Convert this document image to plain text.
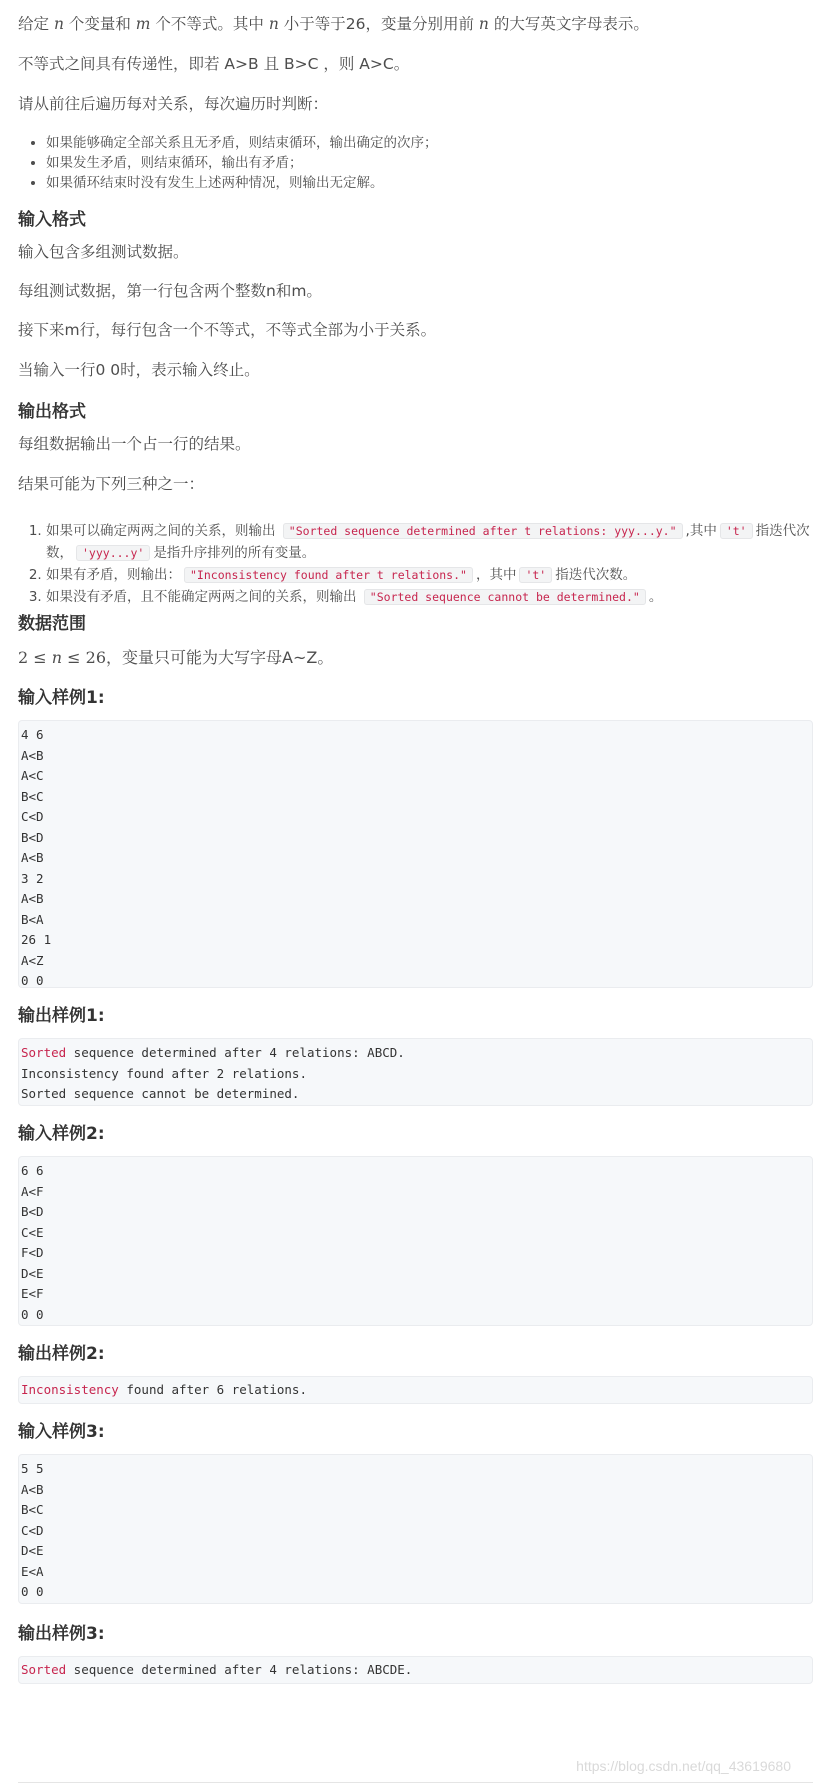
给定 n 个变量和 m 个不等式。其中 n 小于等于26，变量分别用前 n 的大写英文字母表示。

不等式之间具有传递性，即若 A>B 且 B>C ，则 A>C。

请从前往后遍历每对关系，每次遍历时判断：

• 如果能够确定全部关系且无矛盾，则结束循环，输出确定的次序；
• 如果发生矛盾，则结束循环，输出有矛盾；
• 如果循环结束时没有发生上述两种情况，则输出无定解。
输入格式

输入包含多组测试数据。

每组测试数据，第一行包含两个整数n和m。

接下来m行，每行包含一个不等式，不等式全部为小于关系。

当输入一行0 0时，表示输入终止。

输出格式

每组数据输出一个占一行的结果。

结果可能为下列三种之一：

1. 如果可以确定两两之间的关系，则输出 "Sorted sequence determined after t relations: yyy...y." ,其中 't' 指迭代次数， 'yyy...y' 是指升序排列的所有变量。
2. 如果有矛盾，则输出： "Inconsistency found after t relations." ，其中 't' 指迭代次数。
3. 如果没有矛盾，且不能确定两两之间的关系，则输出 "Sorted sequence cannot be determined." 。
数据范围

2 ≤ n ≤ 26，变量只可能为大写字母A~Z。

输入样例1:
4 6
A<B
A<C
B<C
C<D
B<D
A<B
3 2
A<B
B<A
26 1
A<Z
0 0
输出样例1:
Sorted sequence determined after 4 relations: ABCD.
Inconsistency found after 2 relations.
Sorted sequence cannot be determined.
输入样例2:
6 6
A<F
B<D
C<E
F<D
D<E
E<F
0 0
输出样例2:
Inconsistency found after 6 relations.
输入样例3:
5 5
A<B
B<C
C<D
D<E
E<A
0 0
输出样例3:
Sorted sequence determined after 4 relations: ABCDE.
https://blog.csdn.net/qq_43619680
